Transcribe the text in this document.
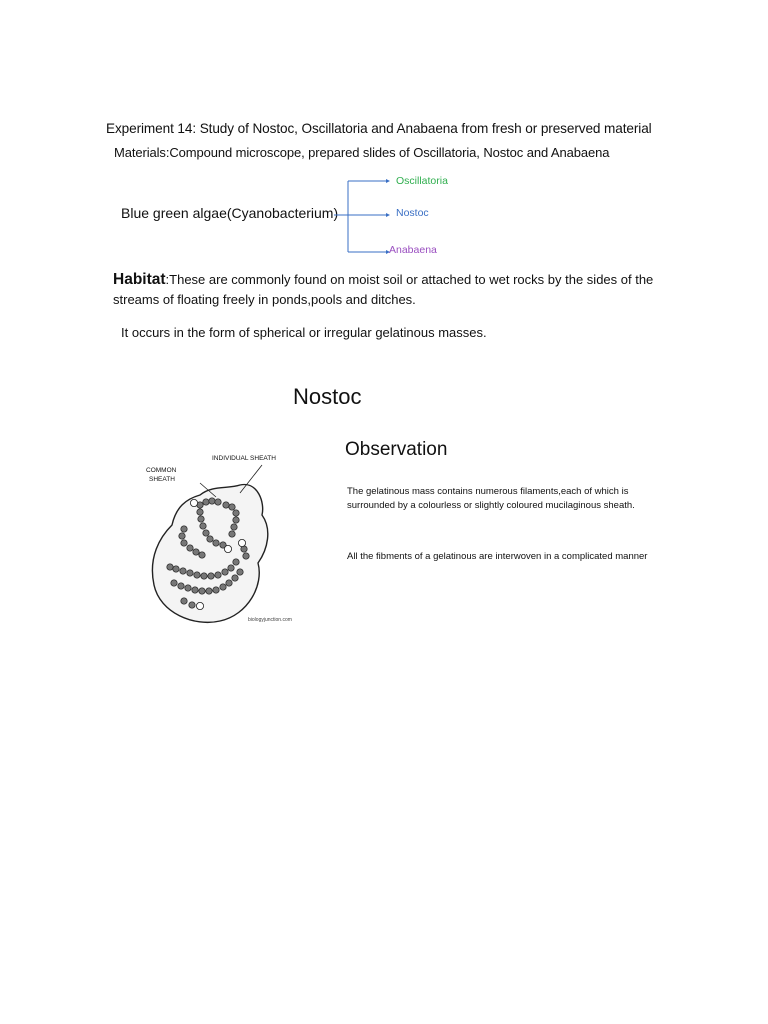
Experiment 14: Study of Nostoc, Oscillatoria and Anabaena from fresh or preserved material
Materials:Compound microscope, prepared slides of Oscillatoria, Nostoc and Anabaena
Blue green algae(Cyanobacterium)
Oscillatoria
Nostoc
Anabaena
Habitat:These are commonly found on moist soil or attached to wet rocks by the sides of the streams of floating freely in ponds,pools and ditches.
It occurs in the form of spherical or irregular gelatinous masses.
Nostoc
INDIVIDUAL SHEATH
COMMON
SHEATH
biologyjunction.com
Observation
The gelatinous mass contains numerous filaments,each of which is surrounded by a colourless or slightly coloured mucilaginous sheath.
All the fibments of a gelatinous are interwoven in a complicated manner
